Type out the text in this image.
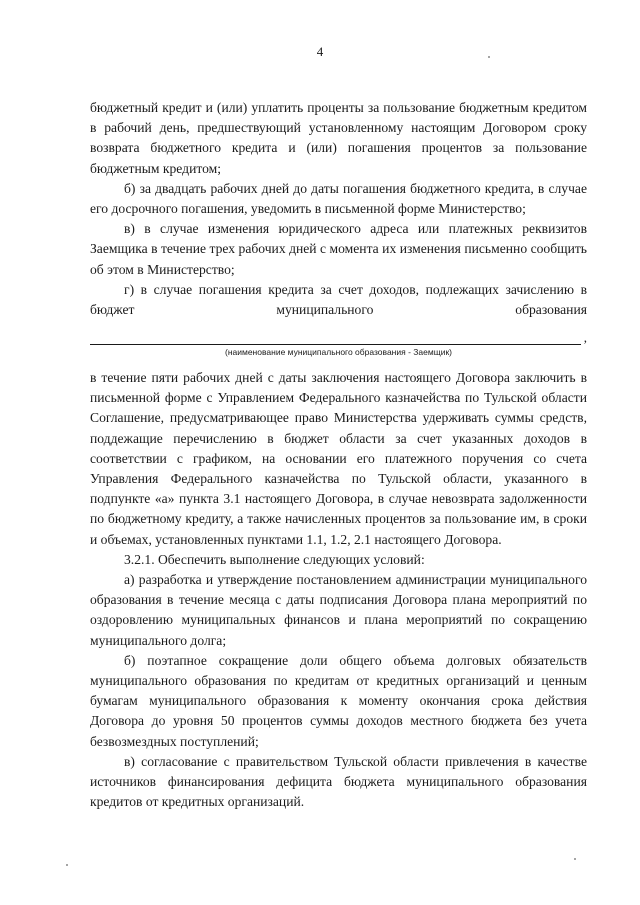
4

бюджетный кредит и (или) уплатить проценты за пользование бюджетным кредитом в рабочий день, предшествующий установленному настоящим Договором сроку возврата бюджетного кредита и (или) погашения процентов за пользование бюджетным кредитом;

б) за двадцать рабочих дней до даты погашения бюджетного кредита, в случае его досрочного погашения, уведомить в письменной форме Министерство;

в) в случае изменения юридического адреса или платежных реквизитов Заемщика в течение трех рабочих дней с момента их изменения письменно сообщить об этом в Министерство;

г) в случае погашения кредита за счет доходов, подлежащих зачислению в бюджет муниципального образования

,
(наименование муниципального образования - Заемщик)

в течение пяти рабочих дней с даты заключения настоящего Договора заключить в письменной форме с Управлением Федерального казначейства по Тульской области Соглашение, предусматривающее право Министерства удерживать суммы средств, поддежащие перечислению в бюджет области за счет указанных доходов в соответствии с графиком, на основании его платежного поручения со счета Управления Федерального казначейства по Тульской области, указанного в подпункте «а» пункта 3.1 настоящего Договора, в случае невозврата задолженности по бюджетному кредиту, а также начисленных процентов за пользование им, в сроки и объемах, установленных пунктами 1.1, 1.2, 2.1 настоящего Договора.

3.2.1. Обеспечить выполнение следующих условий:

а) разработка и утверждение постановлением администрации муниципального образования в течение месяца с даты подписания Договора плана мероприятий по оздоровлению муниципальных финансов и плана мероприятий по сокращению муниципального долга;

б) поэтапное сокращение доли общего объема долговых обязательств муниципального образования по кредитам от кредитных организаций и ценным бумагам муниципального образования к моменту окончания срока действия Договора до уровня 50 процентов суммы доходов местного бюджета без учета безвозмездных поступлений;

в) согласование с правительством Тульской области привлечения в качестве источников финансирования дефицита бюджета муниципального образования кредитов от кредитных организаций.
